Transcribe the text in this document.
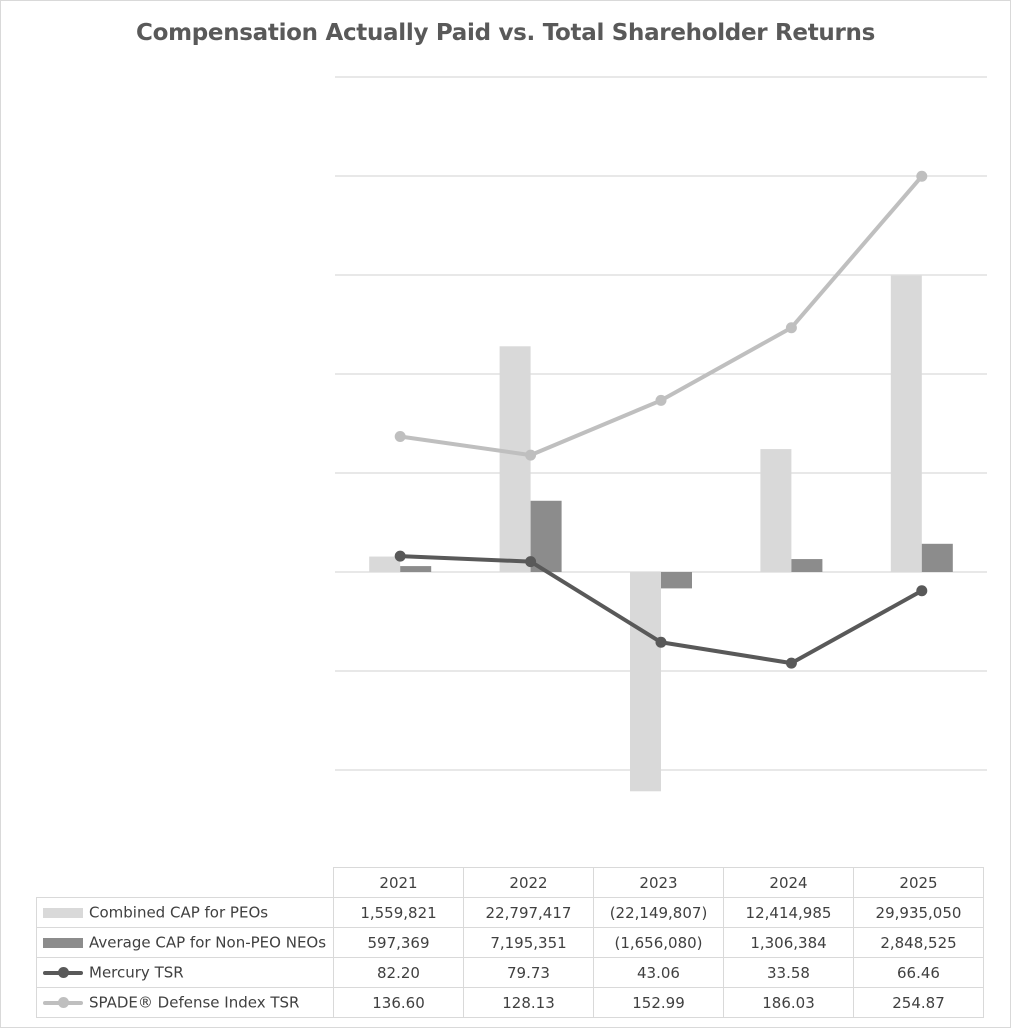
Compensation Actually Paid vs. Total Shareholder Returns
	2021	2022	2023	2024	2025

Combined CAP for PEOs	1,559,821	22,797,417	(22,149,807)	12,414,985	29,935,050

Average CAP for Non-PEO NEOs	597,369	7,195,351	(1,656,080)	1,306,384	2,848,525

Mercury TSR	82.20	79.73	43.06	33.58	66.46

SPADE® Defense Index TSR	136.60	128.13	152.99	186.03	254.87
